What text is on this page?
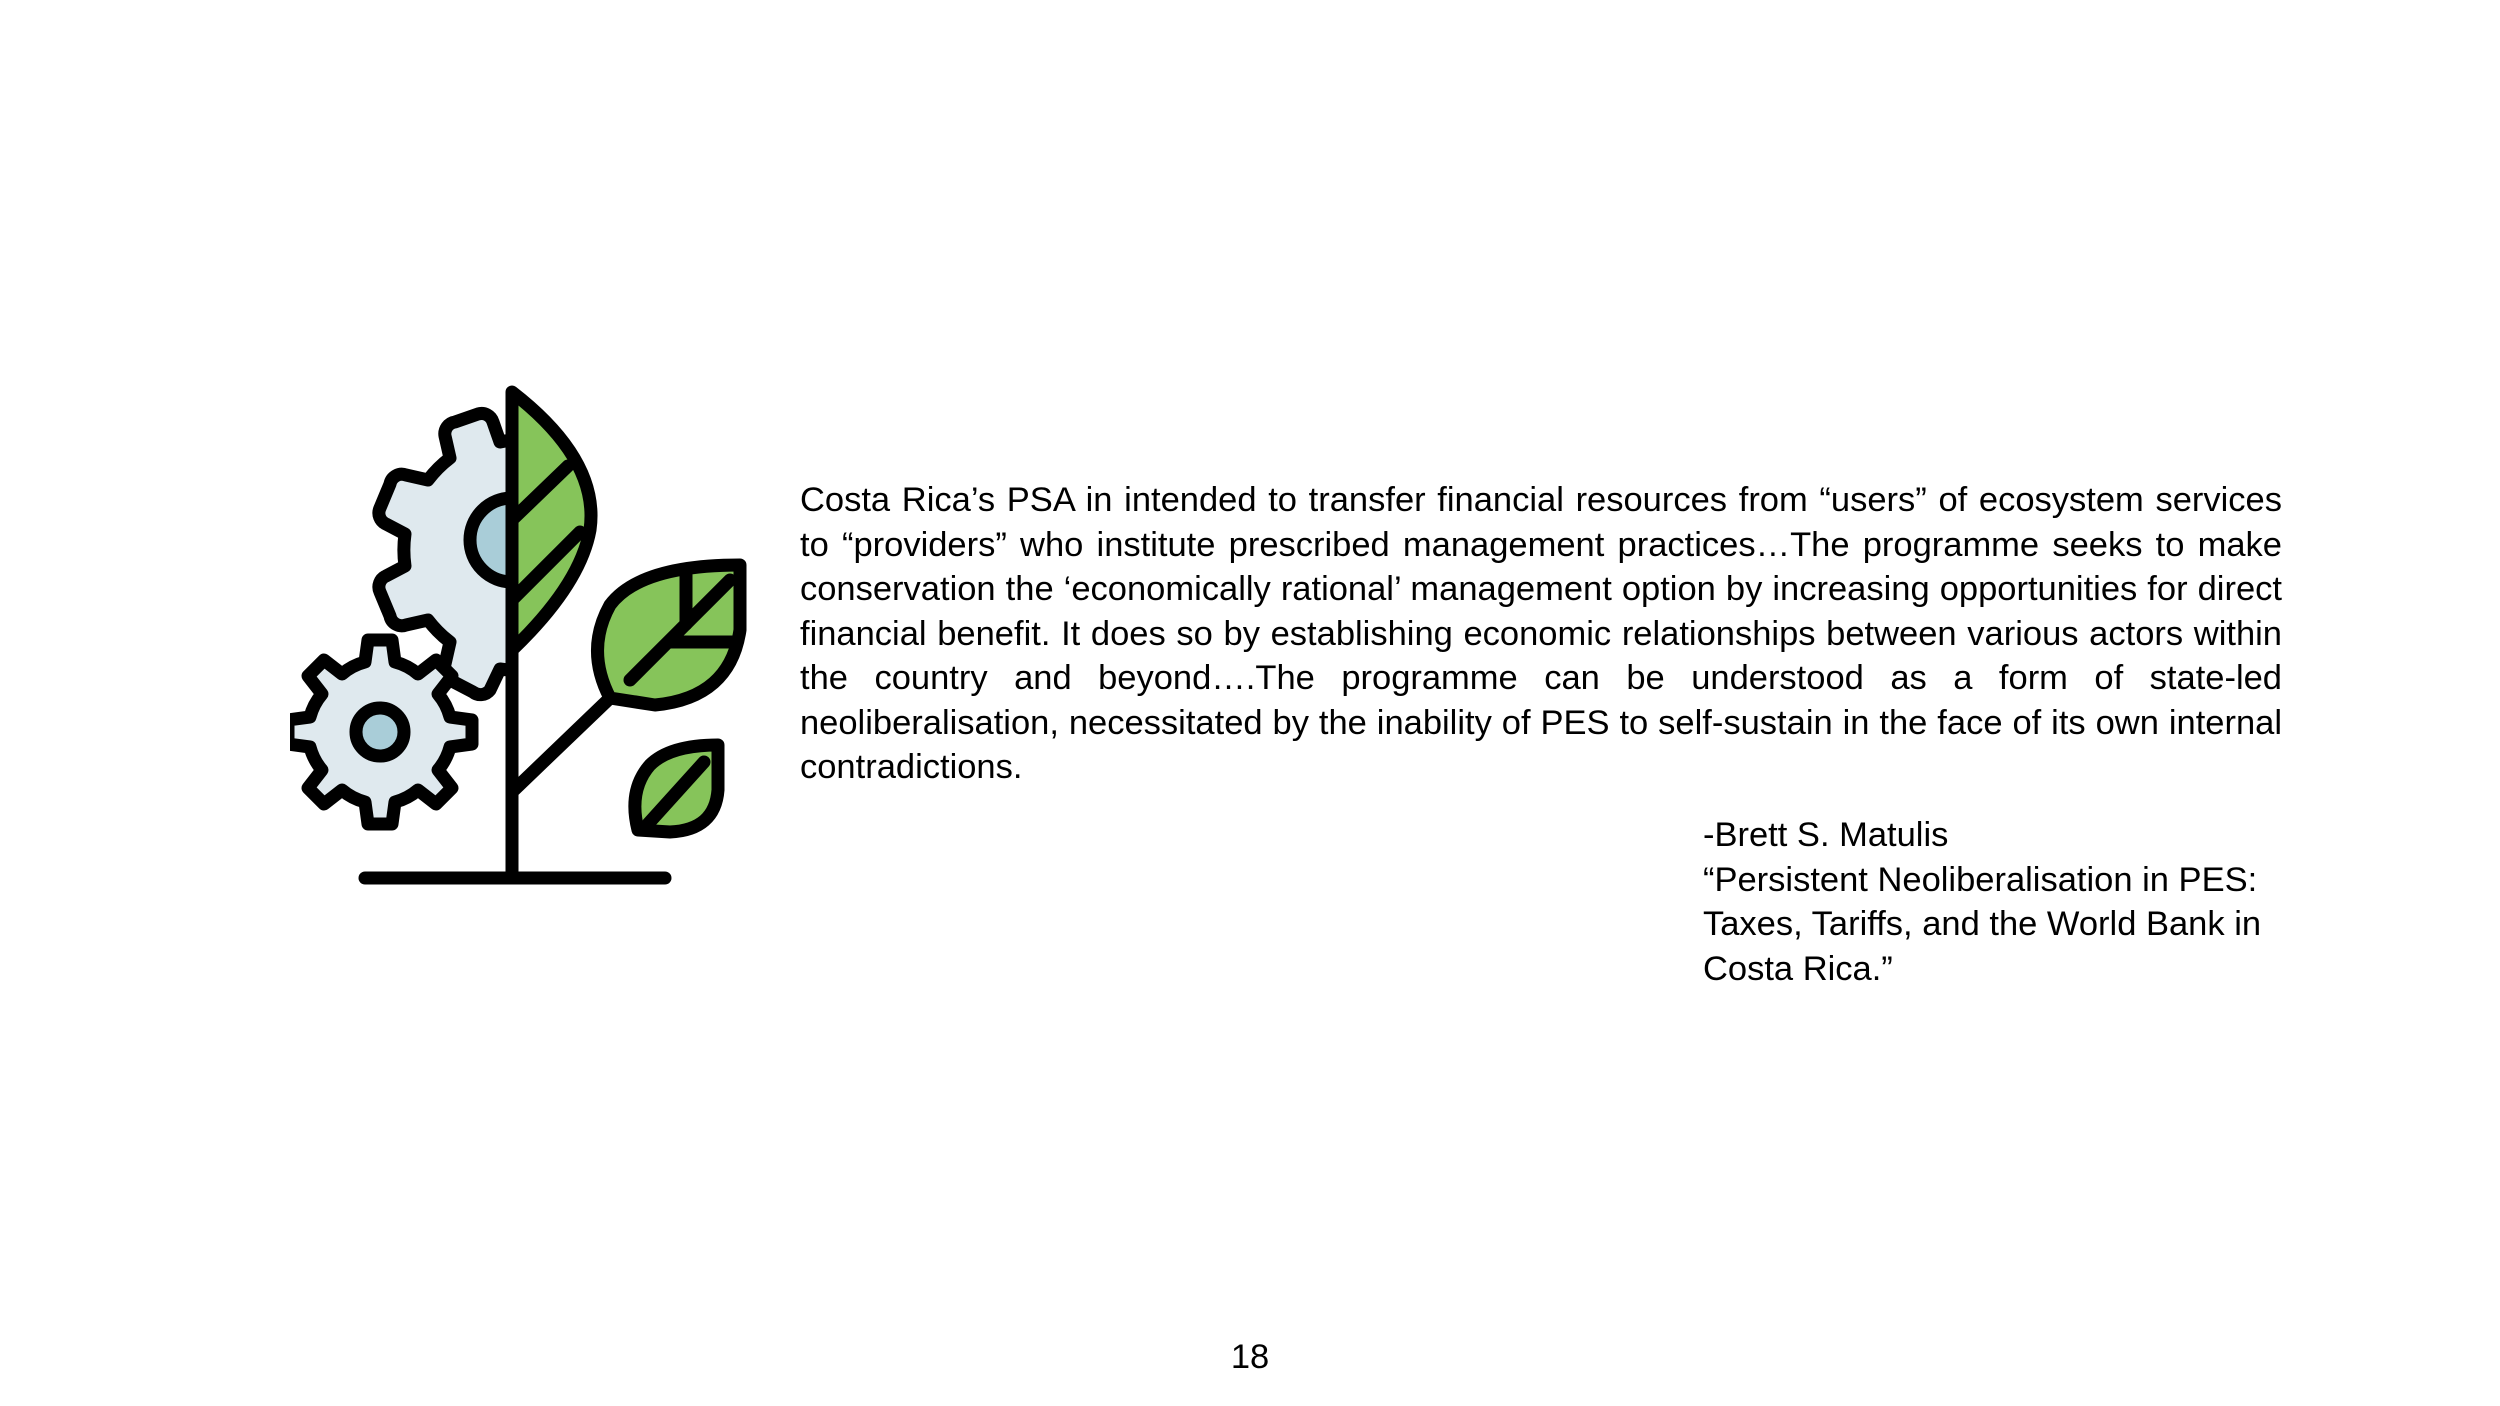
Costa Rica’s PSA in intended to transfer financial resources from “users” of ecosystem services to “providers” who institute prescribed management practices…The programme seeks to make conservation the ‘economically rational’ management option by increasing opportunities for direct financial benefit. It does so by establishing economic relationships between various actors within the country and beyond….The programme can be understood as a form of state-led neoliberalisation, necessitated by the inability of PES to self-sustain in the face of its own internal contradictions.

-Brett S. Matulis
“Persistent Neoliberalisation in PES:
Taxes, Tariffs, and the World Bank in
Costa Rica.”
18
